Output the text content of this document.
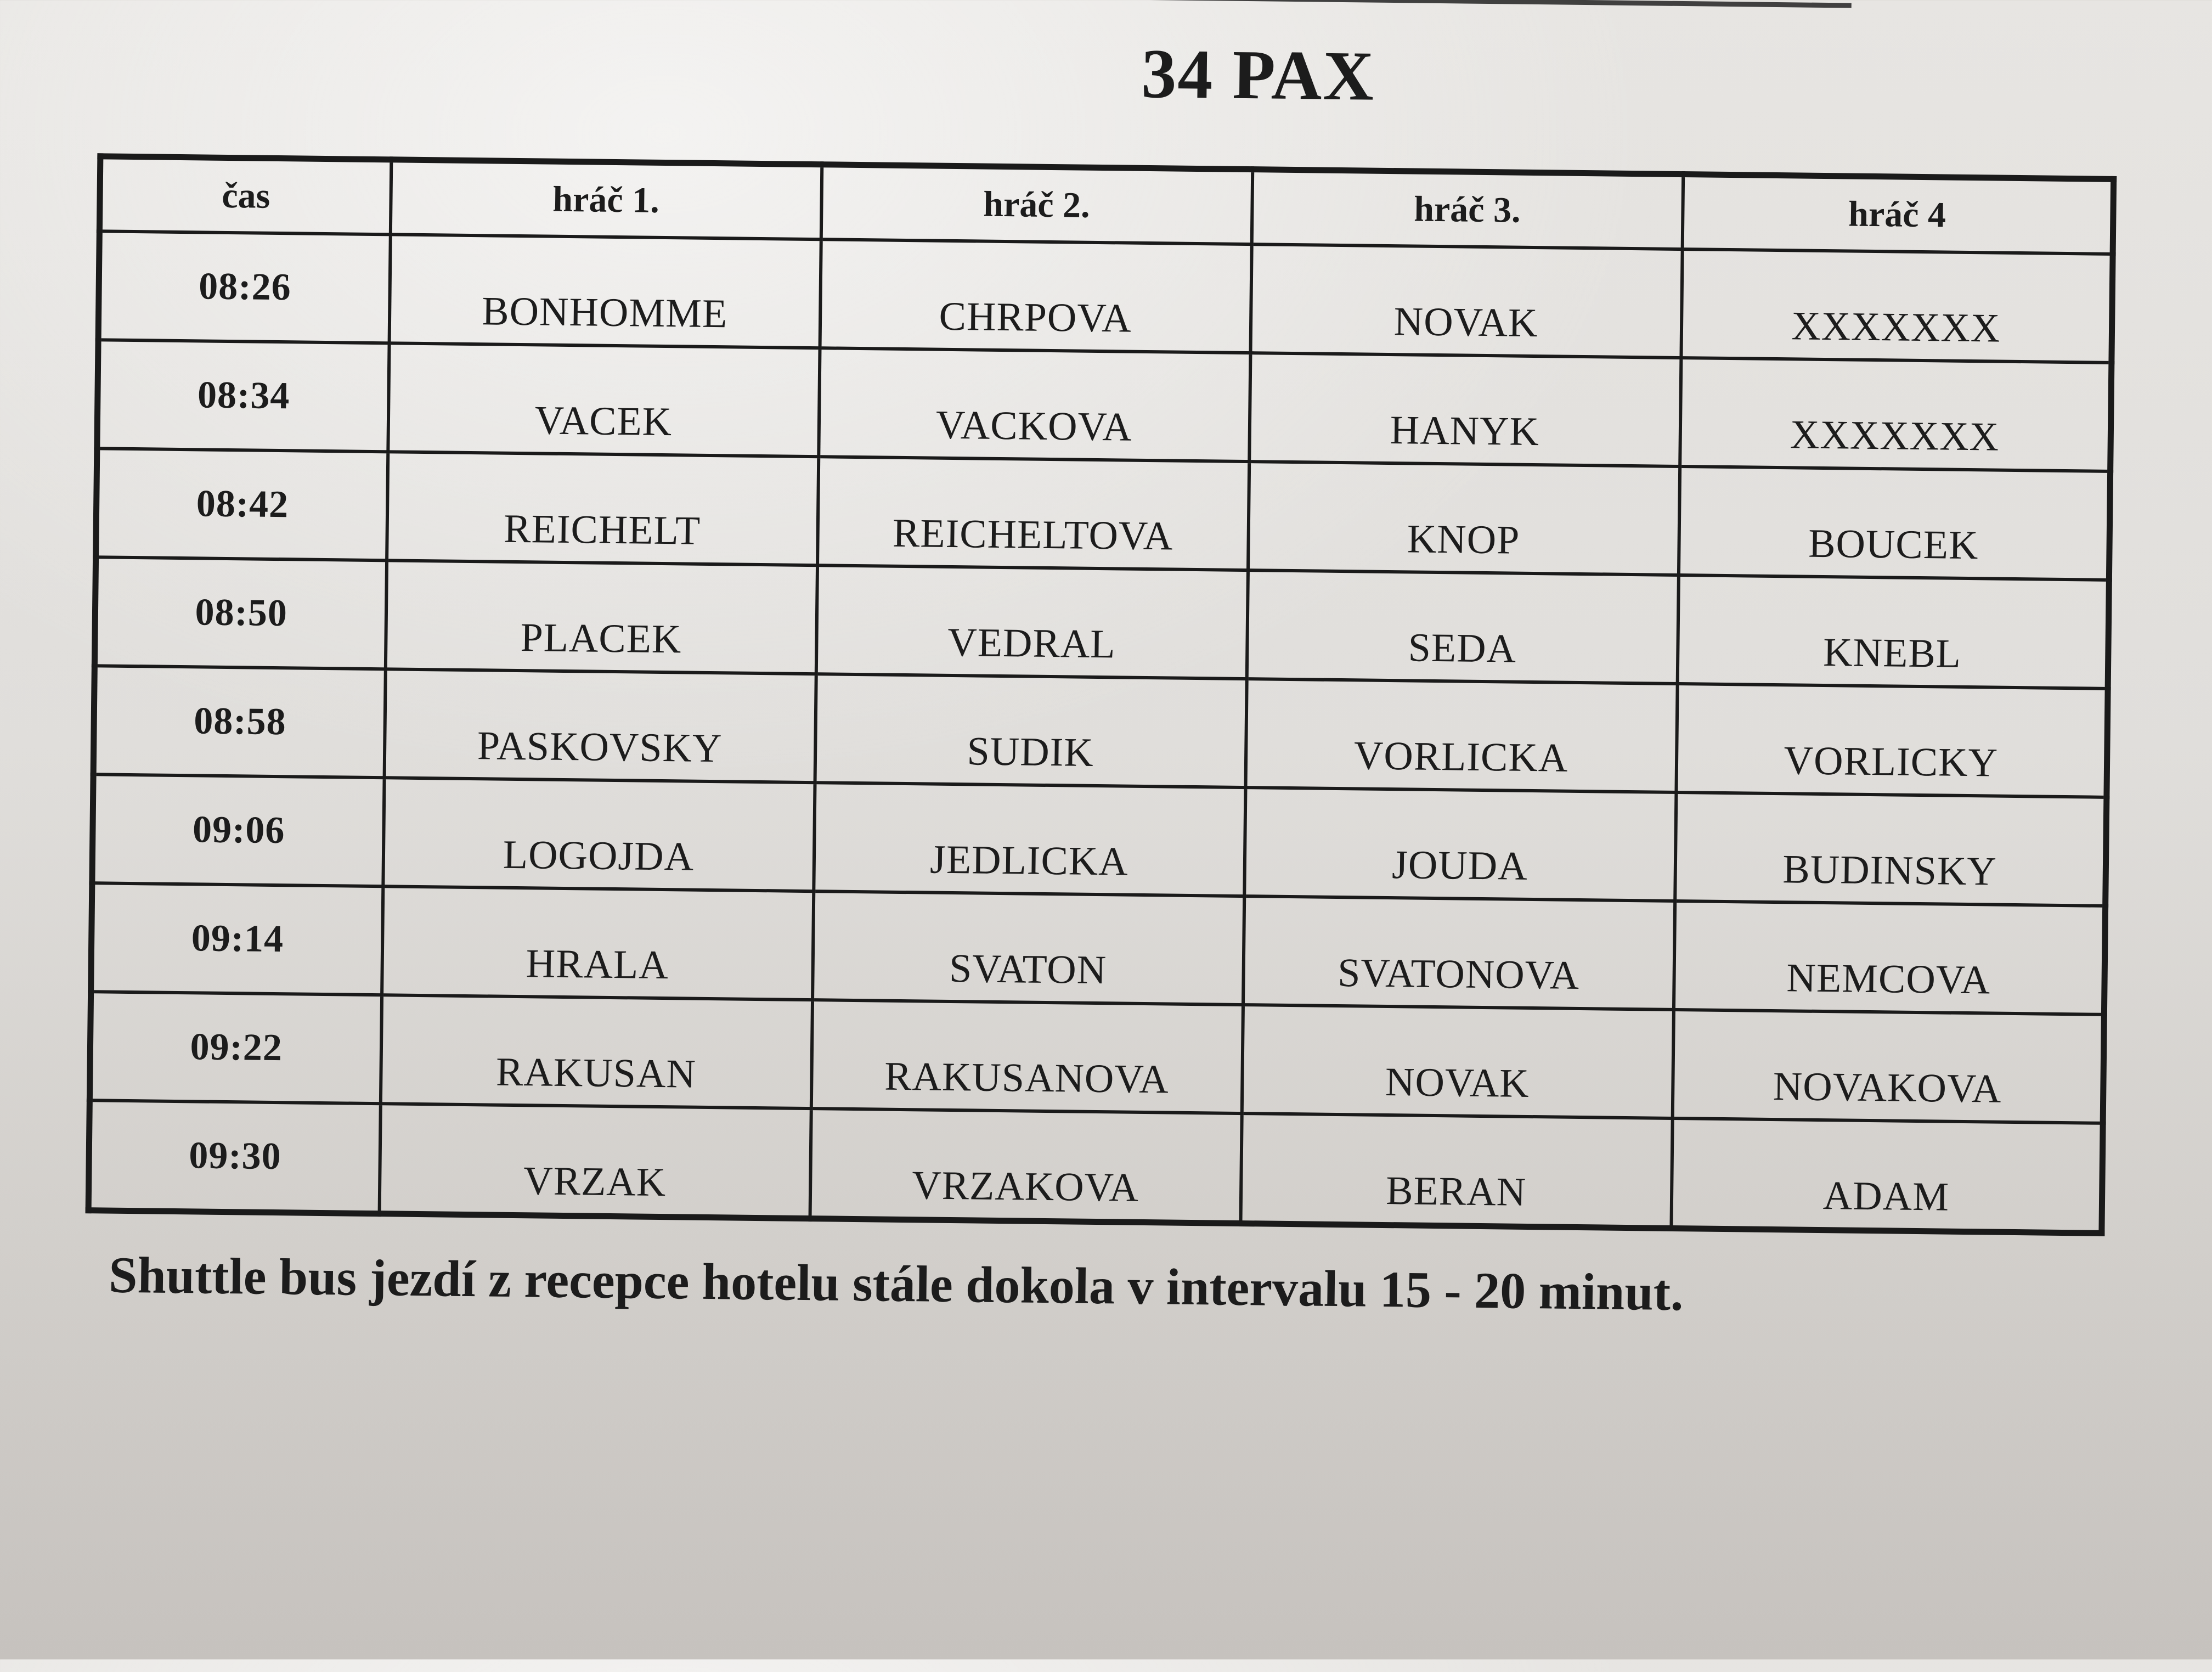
34 PAX
čas	hráč 1.	hráč 2.	hráč 3.	hráč 4
08:26	BONHOMME	CHRPOVA	NOVAK	XXXXXXX
08:34	VACEK	VACKOVA	HANYK	XXXXXXX
08:42	REICHELT	REICHELTOVA	KNOP	BOUCEK
08:50	PLACEK	VEDRAL	SEDA	KNEBL
08:58	PASKOVSKY	SUDIK	VORLICKA	VORLICKY
09:06	LOGOJDA	JEDLICKA	JOUDA	BUDINSKY
09:14	HRALA	SVATON	SVATONOVA	NEMCOVA
09:22	RAKUSAN	RAKUSANOVA	NOVAK	NOVAKOVA
09:30	VRZAK	VRZAKOVA	BERAN	ADAM

Shuttle bus jezdí z recepce hotelu stále dokola v intervalu 15 - 20 minut.
